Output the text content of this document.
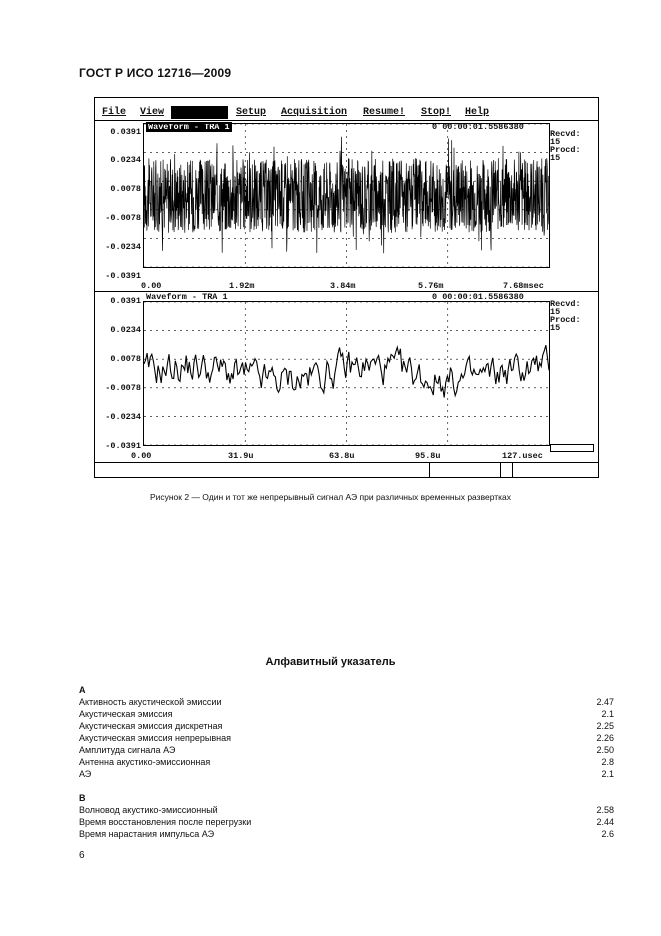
ГОСТ Р ИСО 12716—2009
File View	Setup Acquisition Resume! Stop! Help
Waveform - TRA 1	0 00:00:01.5586380
0.0391
0.0234
0.0078
-0.0078
-0.0234
-0.0391
0.00	1.92m	3.84m	5.76m	7.68msec
Recvd:
15
Procd:
15
Waveform - TRA 1	0 00:00:01.5586380
0.0391
0.0234
0.0078
-0.0078
-0.0234
-0.0391
0.00	31.9u	63.8u	95.8u	127.usec
Recvd:
15
Procd:
15
Рисунок 2 — Один и тот же непрерывный сигнал АЭ при различных временных развертках
Алфавитный указатель
А
Активность акустической эмиссии	2.47
Акустическая эмиссия	2.1
Акустическая эмиссия дискретная	2.25
Акустическая эмиссия непрерывная	2.26
Амплитуда сигнала АЭ	2.50
Антенна акустико-эмиссионная	2.8
АЭ	2.1
В
Волновод акустико-эмиссионный	2.58
Время восстановления после перегрузки	2.44
Время нарастания импульса АЭ	2.6
6
